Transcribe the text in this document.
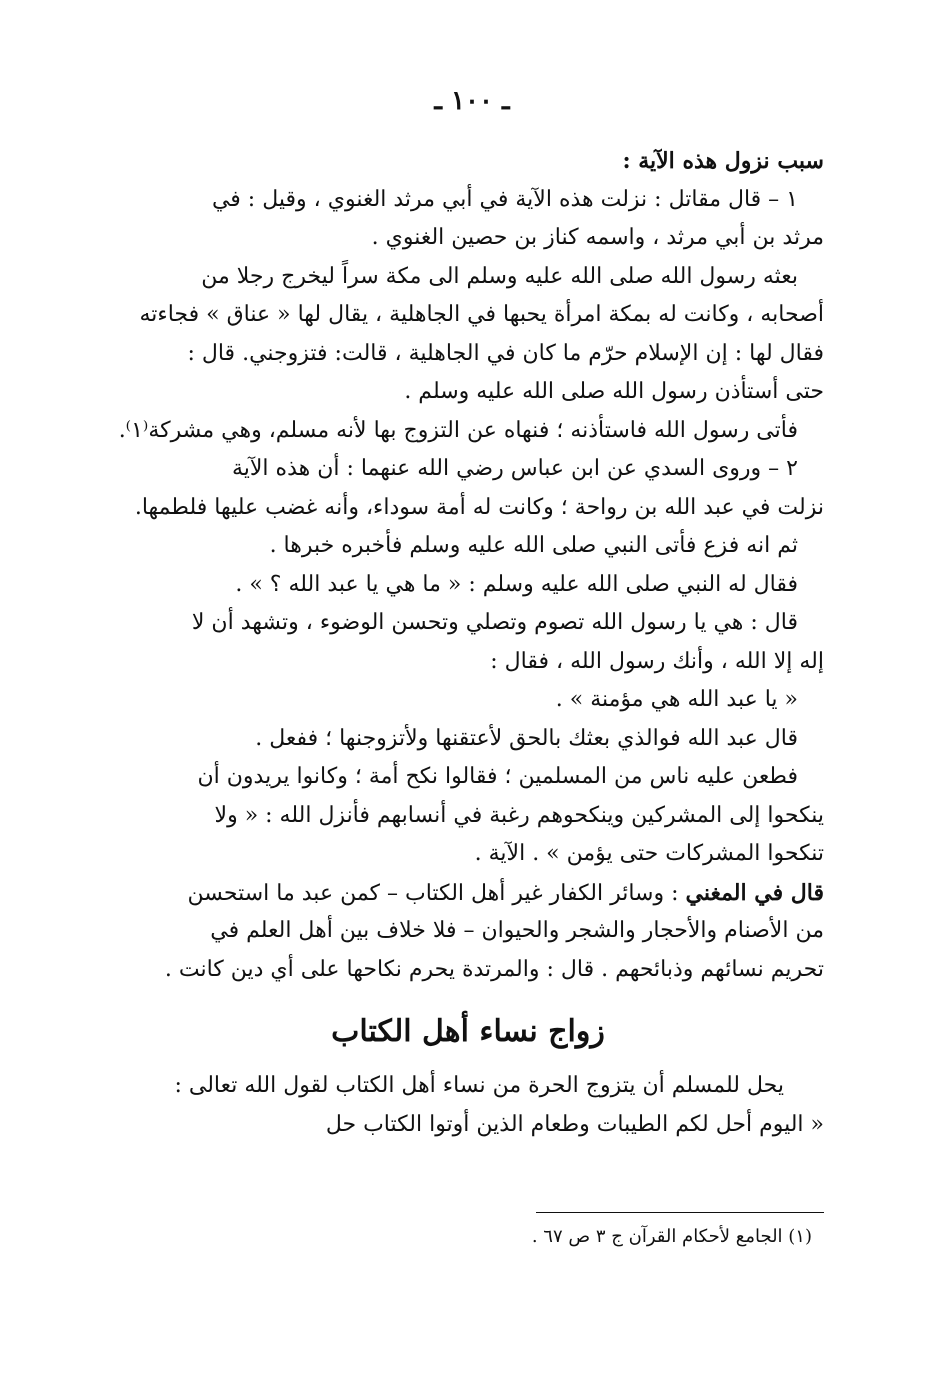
ـ ١٠٠ ـ
سبب نزول هذه الآية :
١ – قال مقاتل : نزلت هذه الآية في أبي مرثد الغنوي ، وقيل : في
مرثد بن أبي مرثد ، واسمه كناز بن حصين الغنوي .
بعثه رسول الله صلى الله عليه وسلم الى مكة سراً ليخرج رجلا من
أصحابه ، وكانت له بمكة امرأة يحبها في الجاهلية ، يقال لها « عناق » فجاءته
فقال لها : إن الإسلام حرّم ما كان في الجاهلية ، قالت: فتزوجني. قال :
حتى أستأذن رسول الله صلى الله عليه وسلم .
فأتى رسول الله فاستأذنه ؛ فنهاه عن التزوج بها لأنه مسلم، وهي مشركة⁽١⁾.
٢ – وروى السدي عن ابن عباس رضي الله عنهما : أن هذه الآية
نزلت في عبد الله بن رواحة ؛ وكانت له أمة سوداء، وأنه غضب عليها فلطمها.
ثم انه فزع فأتى النبي صلى الله عليه وسلم فأخبره خبرها .
فقال له النبي صلى الله عليه وسلم : « ما هي يا عبد الله ؟ » .
قال : هي يا رسول الله تصوم وتصلي وتحسن الوضوء ، وتشهد أن لا
إله إلا الله ، وأنك رسول الله ، فقال :
« يا عبد الله هي مؤمنة » .
قال عبد الله فوالذي بعثك بالحق لأعتقنها ولأتزوجنها ؛ ففعل .
فطعن عليه ناس من المسلمين ؛ فقالوا نكح أمة ؛ وكانوا يريدون أن
ينكحوا إلى المشركين وينكحوهم رغبة في أنسابهم فأنزل الله : « ولا
تنكحوا المشركات حتى يؤمن » . الآية .
قال في المغني : وسائر الكفار غير أهل الكتاب – كمن عبد ما استحسن
من الأصنام والأحجار والشجر والحيوان – فلا خلاف بين أهل العلم في
تحريم نسائهم وذبائحهم . قال : والمرتدة يحرم نكاحها على أي دين كانت .
زواج نساء أهل الكتاب
يحل للمسلم أن يتزوج الحرة من نساء أهل الكتاب لقول الله تعالى :
« اليوم أحل لكم الطيبات وطعام الذين أوتوا الكتاب حل
(١) الجامع لأحكام القرآن ج ٣ ص ٦٧ .
